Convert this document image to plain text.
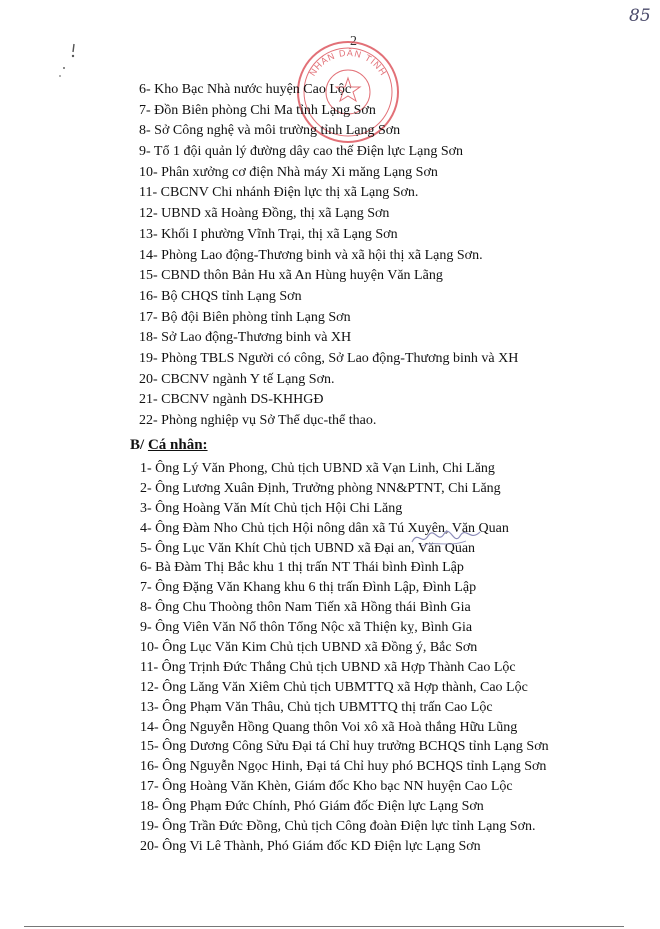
2
85
NHÂN DÂN TỈNH
6- Kho Bạc Nhà nước huyện Cao Lộc
7- Đồn Biên phòng Chi Ma tỉnh Lạng Sơn
8- Sở Công nghệ và môi trường tỉnh Lạng Sơn
9- Tổ 1 đội quản lý đường dây cao thế Điện lực Lạng Sơn
10- Phân xưởng cơ điện Nhà máy Xi măng Lạng Sơn
11- CBCNV Chi nhánh Điện lực thị xã Lạng Sơn.
12- UBND xã Hoàng Đồng, thị xã Lạng Sơn
13- Khối I phường Vĩnh Trại, thị xã Lạng Sơn
14- Phòng Lao động-Thương binh và xã hội thị xã Lạng Sơn.
15- CBND thôn Bản Hu xã An Hùng huyện Văn Lãng
16- Bộ CHQS tỉnh Lạng Sơn
17- Bộ đội Biên phòng tỉnh Lạng Sơn
18- Sở Lao động-Thương binh và XH
19- Phòng TBLS Người có công, Sở Lao động-Thương binh và XH
20- CBCNV ngành Y tế Lạng Sơn.
21- CBCNV ngành DS-KHHGĐ
22- Phòng nghiệp vụ Sở Thể dục-thể thao.
B/ Cá nhân:
1- Ông Lý Văn Phong, Chủ tịch UBND xã Vạn Linh, Chi Lăng
2- Ông Lương Xuân Định, Trưởng phòng NN&PTNT, Chi Lăng
3- Ông Hoàng Văn Mít Chủ tịch Hội Chi Lăng
4- Ông Đàm Nho Chủ tịch Hội nông dân xã Tú Xuyên, Văn Quan
5- Ông Lục Văn Khít Chủ tịch UBND xã Đại an, Văn Quan
6- Bà Đàm Thị Bắc khu 1 thị trấn NT Thái bình Đình Lập
7- Ông Đặng Văn Khang khu 6 thị trấn Đình Lập, Đình Lập
8- Ông Chu Thoòng thôn Nam Tiến xã Hồng thái Bình Gia
9- Ông Viên Văn Nổ thôn Tổng Nộc xã Thiện kỵ, Bình Gia
10- Ông Lục Văn Kim Chủ tịch UBND xã Đồng ý, Bắc Sơn
11- Ông Trịnh Đức Thắng Chủ tịch UBND xã Hợp Thành Cao Lộc
12- Ông Lăng Văn Xiêm Chủ tịch UBMTTQ xã Hợp thành, Cao Lộc
13- Ông Phạm Văn Thâu, Chủ tịch UBMTTQ thị trấn Cao Lộc
14- Ông Nguyễn Hồng Quang thôn Voi xô xã Hoà thắng Hữu Lũng
15- Ông Dương Công Sửu Đại tá Chỉ huy trưởng BCHQS tỉnh Lạng Sơn
16- Ông Nguyễn Ngọc Hinh, Đại tá Chỉ huy phó BCHQS tỉnh Lạng Sơn
17- Ông Hoàng Văn Khèn, Giám đốc Kho bạc NN huyện Cao Lộc
18- Ông Phạm Đức Chính, Phó Giám đốc Điện lực Lạng Sơn
19- Ông Trần Đức Đồng, Chủ tịch Công đoàn Điện lực tỉnh Lạng Sơn.
20- Ông Vi Lê Thành, Phó Giám đốc KD Điện lực Lạng Sơn
